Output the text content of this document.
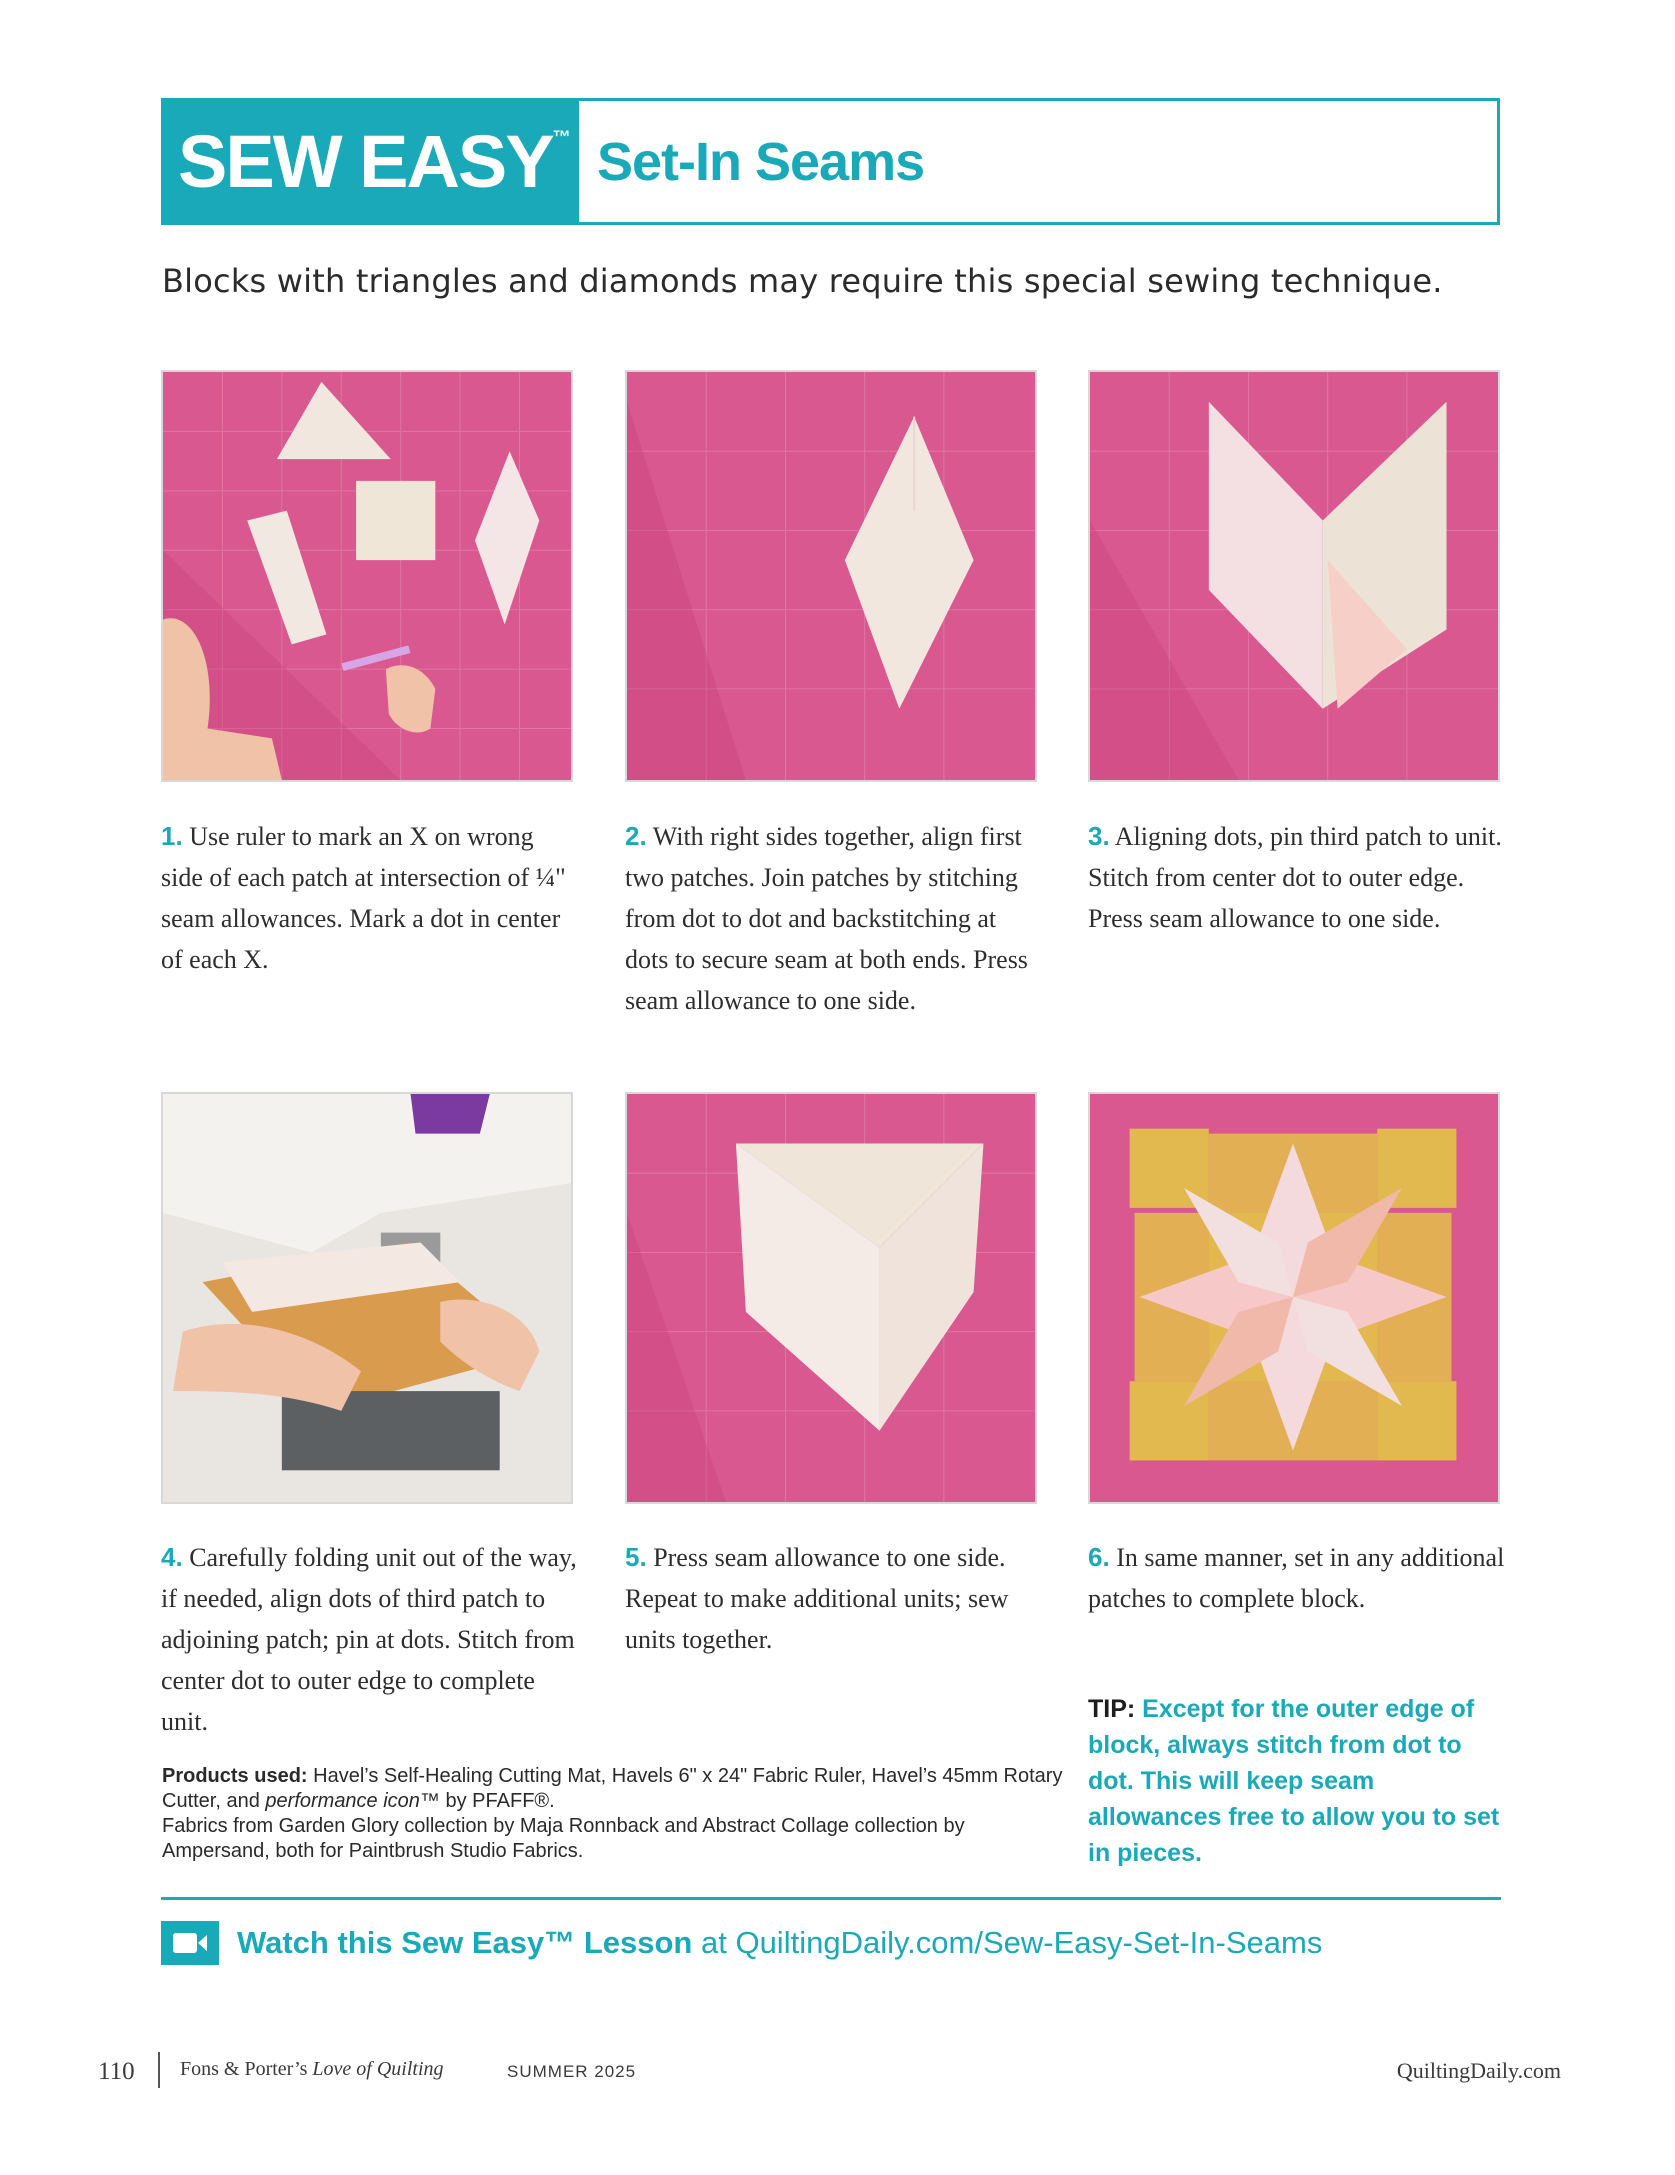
SEW EASY™ Set-In Seams
Blocks with triangles and diamonds may require this special sewing technique.
1. Use ruler to mark an X on wrong side of each patch at intersection of ¼" seam allowances. Mark a dot in center of each X.
2. With right sides together, align first two patches. Join patches by stitching from dot to dot and backstitching at dots to secure seam at both ends. Press seam allowance to one side.
3. Aligning dots, pin third patch to unit. Stitch from center dot to outer edge. Press seam allowance to one side.
4. Carefully folding unit out of the way, if needed, align dots of third patch to adjoining patch; pin at dots. Stitch from center dot to outer edge to complete unit.
5. Press seam allowance to one side. Repeat to make additional units; sew units together.
6. In same manner, set in any additional patches to complete block.
TIP: Except for the outer edge of block, always stitch from dot to dot. This will keep seam allowances free to allow you to set in pieces.
Products used: Havel’s Self-Healing Cutting Mat, Havels 6" x 24" Fabric Ruler, Havel’s 45mm Rotary Cutter, and performance icon™ by PFAFF®.
Fabrics from Garden Glory collection by Maja Ronnback and Abstract Collage collection by Ampersand, both for Paintbrush Studio Fabrics.
Watch this Sew Easy™ Lesson at QuiltingDaily.com/Sew-Easy-Set-In-Seams
110 Fons & Porter’s Love of Quilting	SUMMER 2025	QuiltingDaily.com
